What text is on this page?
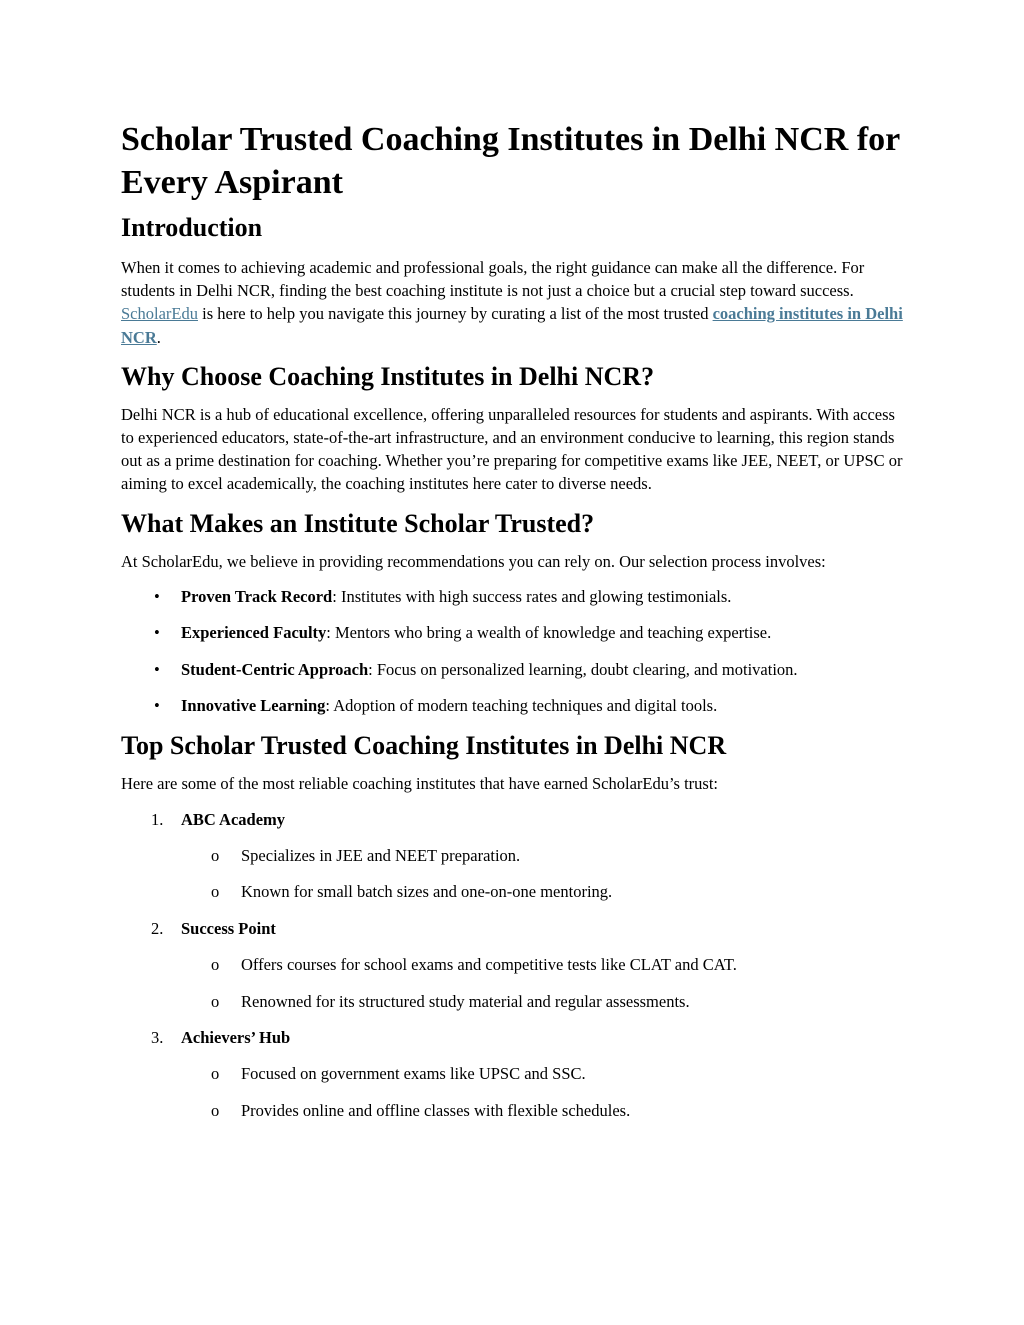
Scholar Trusted Coaching Institutes in Delhi NCR for Every Aspirant
Introduction

When it comes to achieving academic and professional goals, the right guidance can make all the difference. For students in Delhi NCR, finding the best coaching institute is not just a choice but a crucial step toward success. ScholarEdu is here to help you navigate this journey by curating a list of the most trusted coaching institutes in Delhi NCR.

Why Choose Coaching Institutes in Delhi NCR?

Delhi NCR is a hub of educational excellence, offering unparalleled resources for students and aspirants. With access to experienced educators, state-of-the-art infrastructure, and an environment conducive to learning, this region stands out as a prime destination for coaching. Whether you’re preparing for competitive exams like JEE, NEET, or UPSC or aiming to excel academically, the coaching institutes here cater to diverse needs.

What Makes an Institute Scholar Trusted?

At ScholarEdu, we believe in providing recommendations you can rely on. Our selection process involves:

• Proven Track Record: Institutes with high success rates and glowing testimonials.
• Experienced Faculty: Mentors who bring a wealth of knowledge and teaching expertise.
• Student-Centric Approach: Focus on personalized learning, doubt clearing, and motivation.
• Innovative Learning: Adoption of modern teaching techniques and digital tools.
Top Scholar Trusted Coaching Institutes in Delhi NCR

Here are some of the most reliable coaching institutes that have earned ScholarEdu’s trust:

1. ABC Academy
o Specializes in JEE and NEET preparation.
o Known for small batch sizes and one-on-one mentoring.
2. Success Point
o Offers courses for school exams and competitive tests like CLAT and CAT.
o Renowned for its structured study material and regular assessments.
3. Achievers’ Hub
o Focused on government exams like UPSC and SSC.
o Provides online and offline classes with flexible schedules.
